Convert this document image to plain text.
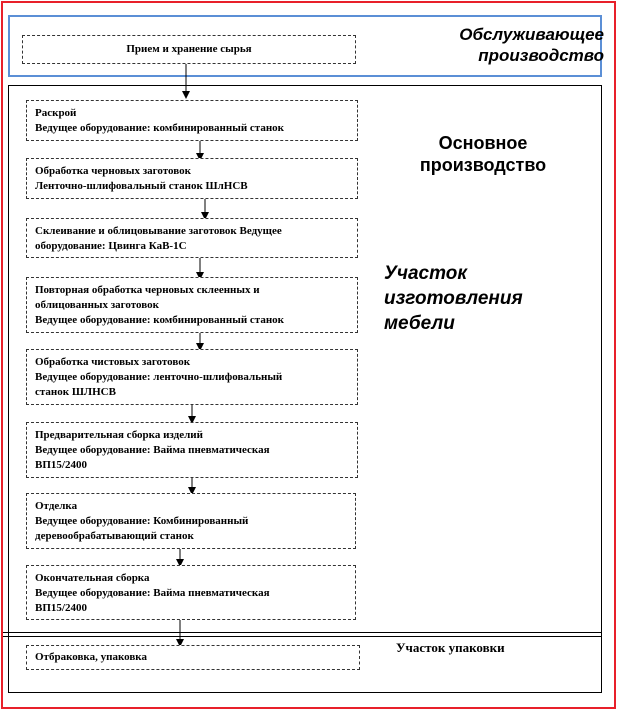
Обслуживающее
производство
Основное
производство
Участок
изготовления
мебели
Участок упаковки
Прием и хранение сырья
Раскрой
Ведущее оборудование: комбинированный станок
Обработка черновых заготовок
Ленточно-шлифовальный станок ШлНСВ
Склеивание и облицовывание заготовок Ведущее
оборудование: Цвинга КаВ-1С
Повторная обработка черновых склеенных и
облицованных заготовок
Ведущее оборудование: комбинированный станок
Обработка чистовых заготовок
Ведущее оборудование: ленточно-шлифовальный
станок ШЛНСВ
Предварительная сборка изделий
Ведущее оборудование: Вайма пневматическая
ВП15/2400
Отделка
Ведущее оборудование: Комбинированный
деревообрабатывающий станок
Окончательная сборка
Ведущее оборудование: Вайма пневматическая
ВП15/2400
Отбраковка, упаковка
